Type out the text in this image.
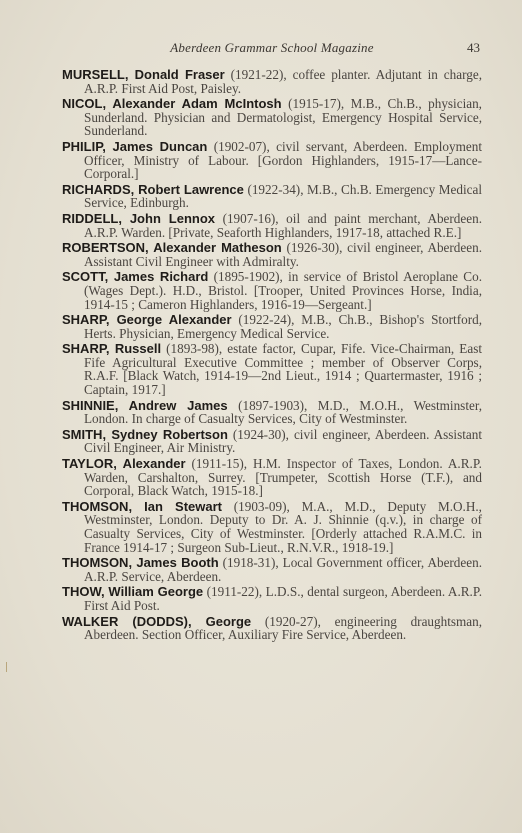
Aberdeen Grammar School Magazine	43

MURSELL, Donald Fraser (1921-22), coffee planter. Adjutant in charge, A.R.P. First Aid Post, Paisley.

NICOL, Alexander Adam McIntosh (1915-17), M.B., Ch.B., physician, Sunderland. Physician and Dermatologist, Emergency Hospital Service, Sunderland.

PHILIP, James Duncan (1902-07), civil servant, Aberdeen. Employment Officer, Ministry of Labour. [Gordon Highlanders, 1915-17—Lance-Corporal.]

RICHARDS, Robert Lawrence (1922-34), M.B., Ch.B. Emergency Medical Service, Edinburgh.

RIDDELL, John Lennox (1907-16), oil and paint merchant, Aberdeen. A.R.P. Warden. [Private, Seaforth Highlanders, 1917-18, attached R.E.]

ROBERTSON, Alexander Matheson (1926-30), civil engineer, Aberdeen. Assistant Civil Engineer with Admiralty.

SCOTT, James Richard (1895-1902), in service of Bristol Aeroplane Co. (Wages Dept.). H.D., Bristol. [Trooper, United Provinces Horse, India, 1914-15 ; Cameron Highlanders, 1916-19—Sergeant.]

SHARP, George Alexander (1922-24), M.B., Ch.B., Bishop's Stortford, Herts. Physician, Emergency Medical Service.

SHARP, Russell (1893-98), estate factor, Cupar, Fife. Vice-Chairman, East Fife Agricultural Executive Committee ; member of Observer Corps, R.A.F. [Black Watch, 1914-19—2nd Lieut., 1914 ; Quartermaster, 1916 ; Captain, 1917.]

SHINNIE, Andrew James (1897-1903), M.D., M.O.H., Westminster, London. In charge of Casualty Services, City of Westminster.

SMITH, Sydney Robertson (1924-30), civil engineer, Aberdeen. Assistant Civil Engineer, Air Ministry.

TAYLOR, Alexander (1911-15), H.M. Inspector of Taxes, London. A.R.P. Warden, Carshalton, Surrey. [Trumpeter, Scottish Horse (T.F.), and Corporal, Black Watch, 1915-18.]

THOMSON, Ian Stewart (1903-09), M.A., M.D., Deputy M.O.H., Westminster, London. Deputy to Dr. A. J. Shinnie (q.v.), in charge of Casualty Services, City of Westminster. [Orderly attached R.A.M.C. in France 1914-17 ; Surgeon Sub-Lieut., R.N.V.R., 1918-19.]

THOMSON, James Booth (1918-31), Local Government officer, Aberdeen. A.R.P. Service, Aberdeen.

THOW, William George (1911-22), L.D.S., dental surgeon, Aberdeen. A.R.P. First Aid Post.

WALKER (DODDS), George (1920-27), engineering draughtsman, Aberdeen. Section Officer, Auxiliary Fire Service, Aberdeen.
